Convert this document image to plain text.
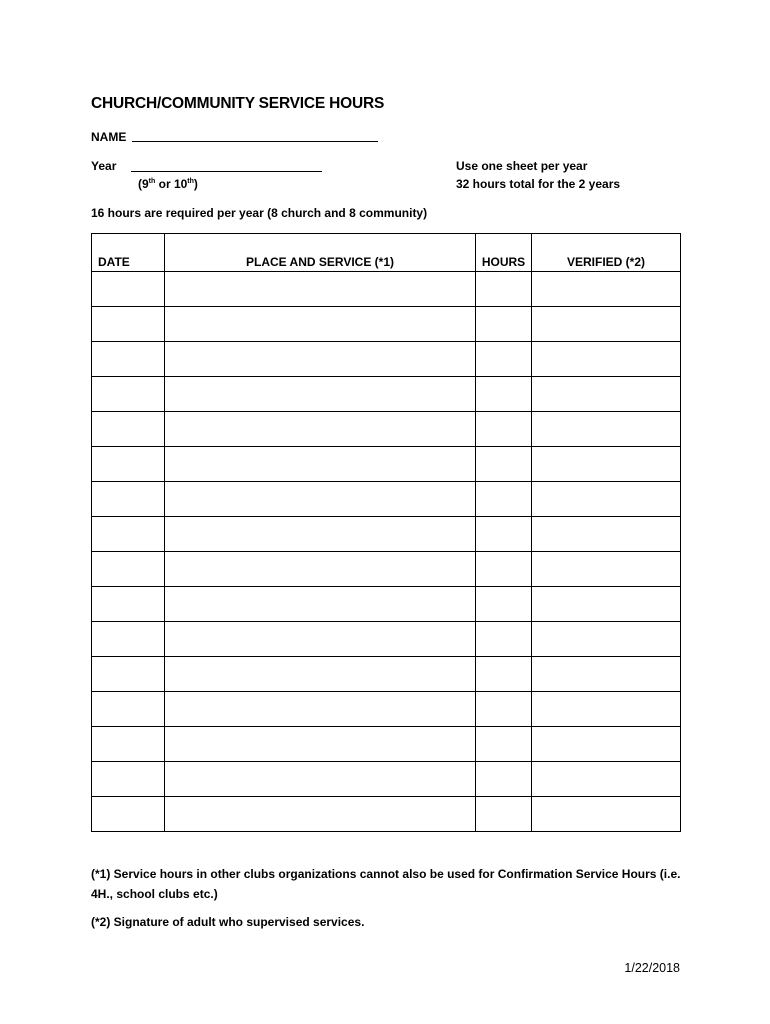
CHURCH/COMMUNITY SERVICE HOURS
NAME
Year
(9th or 10th)
Use one sheet per year
32 hours total for the 2 years
16 hours are required per year (8 church and 8 community)
DATE	PLACE AND SERVICE (*1)	HOURS	VERIFIED (*2)

(*1) Service hours in other clubs organizations cannot also be used for Confirmation Service Hours (i.e. 4H., school clubs etc.)
(*2) Signature of adult who supervised services.
1/22/2018
